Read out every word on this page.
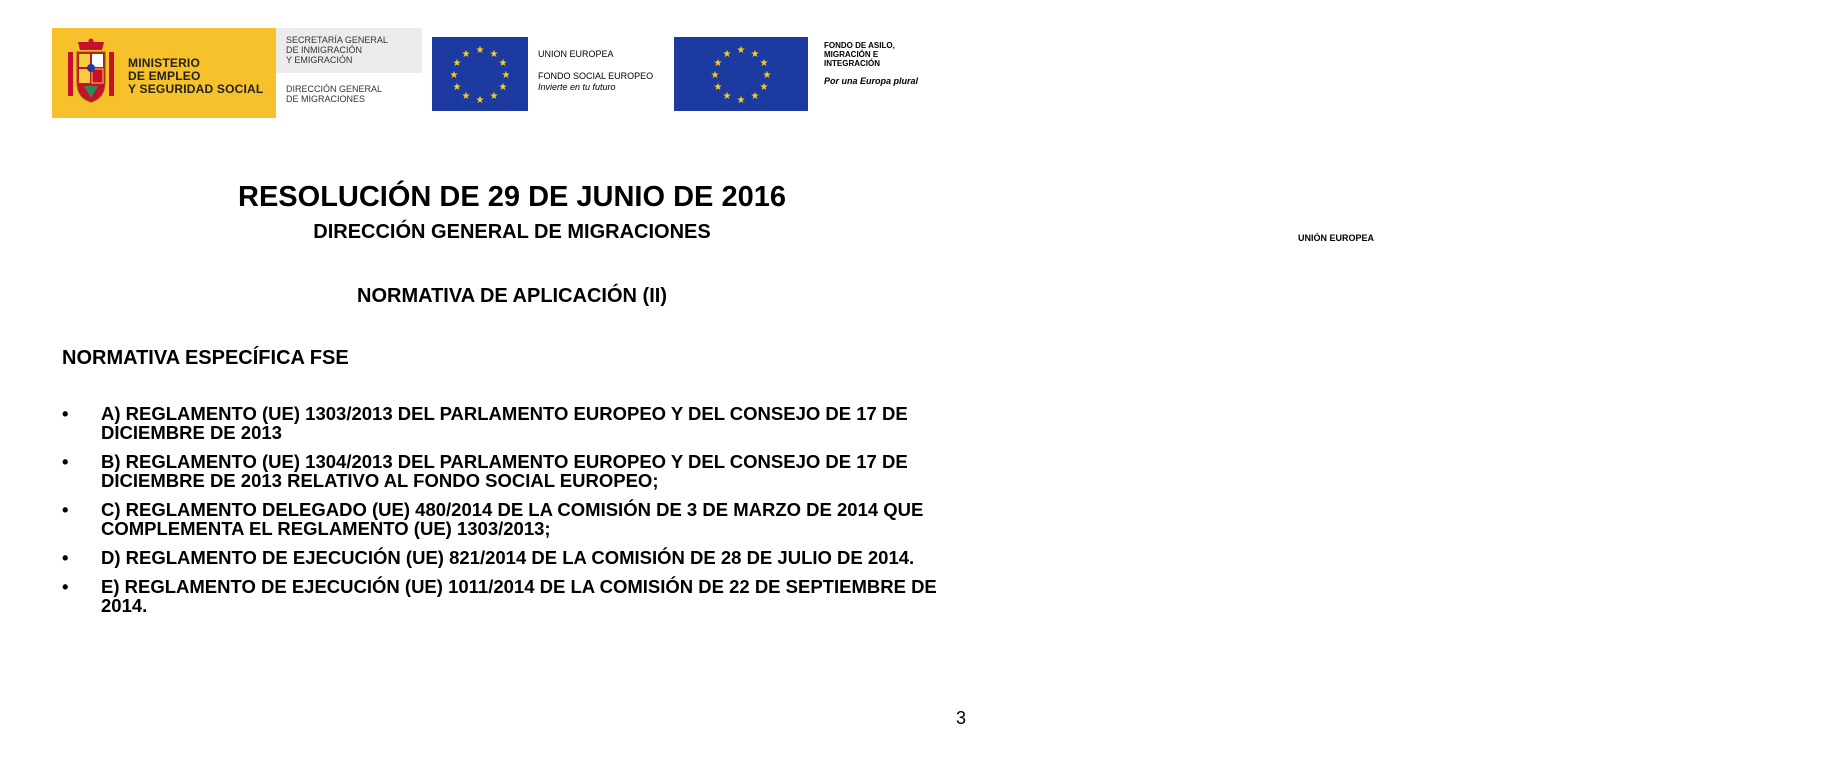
MINISTERIO
DE EMPLEO
Y SEGURIDAD SOCIAL
SECRETARÍA GENERAL
DE INMIGRACIÓN
Y EMIGRACIÓN
DIRECCIÓN GENERAL
DE MIGRACIONES
★ ★
★
★
★
★
★
★
★
★
★
★	UNION EUROPEA
FONDO SOCIAL EUROPEO
Invierte en tu futuro
★ ★
★
★
★
★
★
★
★
★
★
★
UNIÓN EUROPEA
FONDO DE ASILO,
MIGRACIÓN E
INTEGRACIÓN
Por una Europa plural
RESOLUCIÓN DE 29 DE JUNIO DE 2016
DIRECCIÓN GENERAL DE MIGRACIONES
NORMATIVA DE APLICACIÓN (II)
NORMATIVA ESPECÍFICA FSE
• A) REGLAMENTO (UE) 1303/2013 DEL PARLAMENTO EUROPEO Y DEL CONSEJO DE 17 DE DICIEMBRE DE 2013
• B) REGLAMENTO (UE) 1304/2013 DEL PARLAMENTO EUROPEO Y DEL CONSEJO DE 17 DE DICIEMBRE DE 2013 RELATIVO AL FONDO SOCIAL EUROPEO;
• C) REGLAMENTO DELEGADO (UE) 480/2014 DE LA COMISIÓN DE 3 DE MARZO DE 2014 QUE COMPLEMENTA EL REGLAMENTO (UE) 1303/2013;
• D) REGLAMENTO DE EJECUCIÓN (UE) 821/2014 DE LA COMISIÓN DE 28 DE JULIO DE 2014.
• E) REGLAMENTO DE EJECUCIÓN (UE) 1011/2014 DE LA COMISIÓN DE 22 DE SEPTIEMBRE DE 2014.
3
